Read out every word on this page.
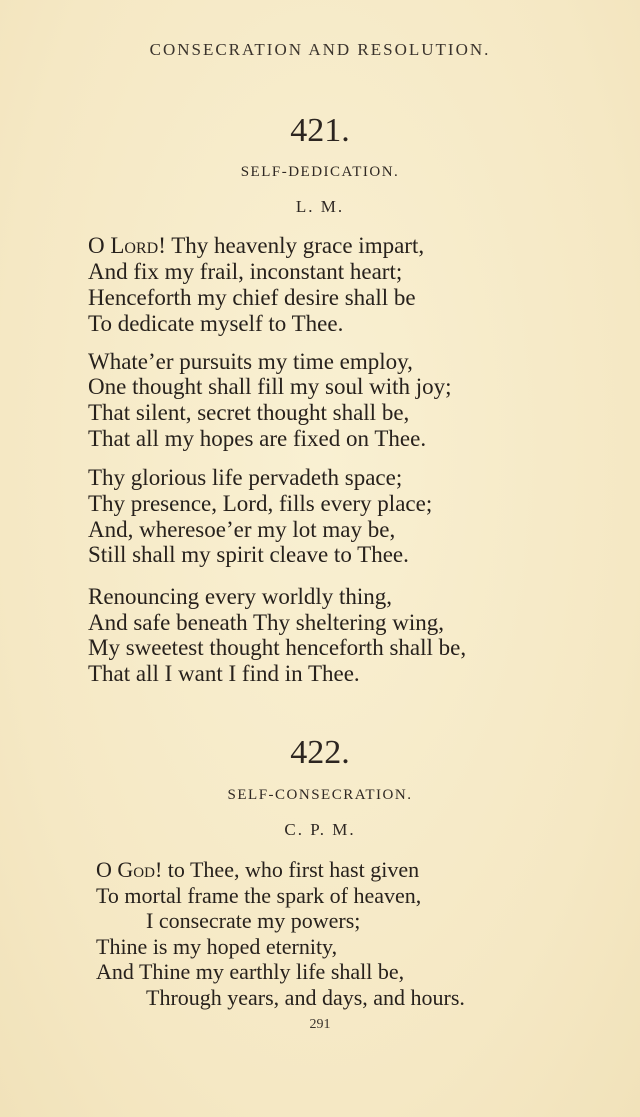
CONSECRATION AND RESOLUTION.
421.
SELF-DEDICATION.
L. M.
O Lord! Thy heavenly grace impart,
And fix my frail, inconstant heart;
Henceforth my chief desire shall be
To dedicate myself to Thee.
Whate’er pursuits my time employ,
One thought shall fill my soul with joy;
That silent, secret thought shall be,
That all my hopes are fixed on Thee.
Thy glorious life pervadeth space;
Thy presence, Lord, fills every place;
And, wheresoe’er my lot may be,
Still shall my spirit cleave to Thee.
Renouncing every worldly thing,
And safe beneath Thy sheltering wing,
My sweetest thought henceforth shall be,
That all I want I find in Thee.
422.
SELF-CONSECRATION.
C. P. M.
O God! to Thee, who first hast given
To mortal frame the spark of heaven,
I consecrate my powers;
Thine is my hoped eternity,
And Thine my earthly life shall be,
Through years, and days, and hours.
291
